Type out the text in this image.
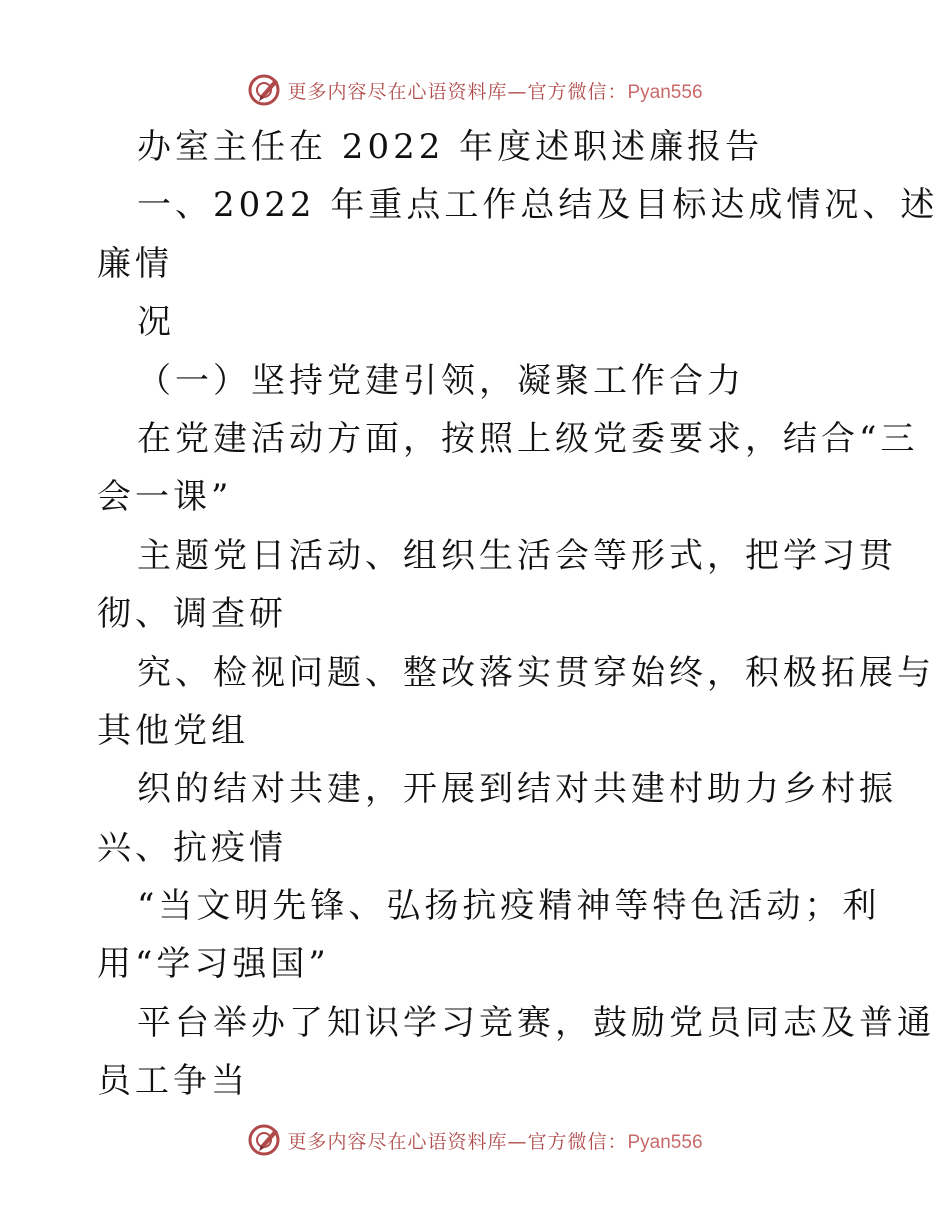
更多内容尽在心语资料库—官方微信：Pyan556
办室主任在 2022 年度述职述廉报告
一、2022 年重点工作总结及目标达成情况、述
廉情
况
（一）坚持党建引领，凝聚工作合力
在党建活动方面，按照上级党委要求，结合“三
会一课”
主题党日活动、组织生活会等形式，把学习贯
彻、调查研
究、检视问题、整改落实贯穿始终，积极拓展与
其他党组
织的结对共建，开展到结对共建村助力乡村振
兴、抗疫情
“当文明先锋、弘扬抗疫精神等特色活动；利
用“学习强国”
平台举办了知识学习竞赛，鼓励党员同志及普通
员工争当
更多内容尽在心语资料库—官方微信：Pyan556
